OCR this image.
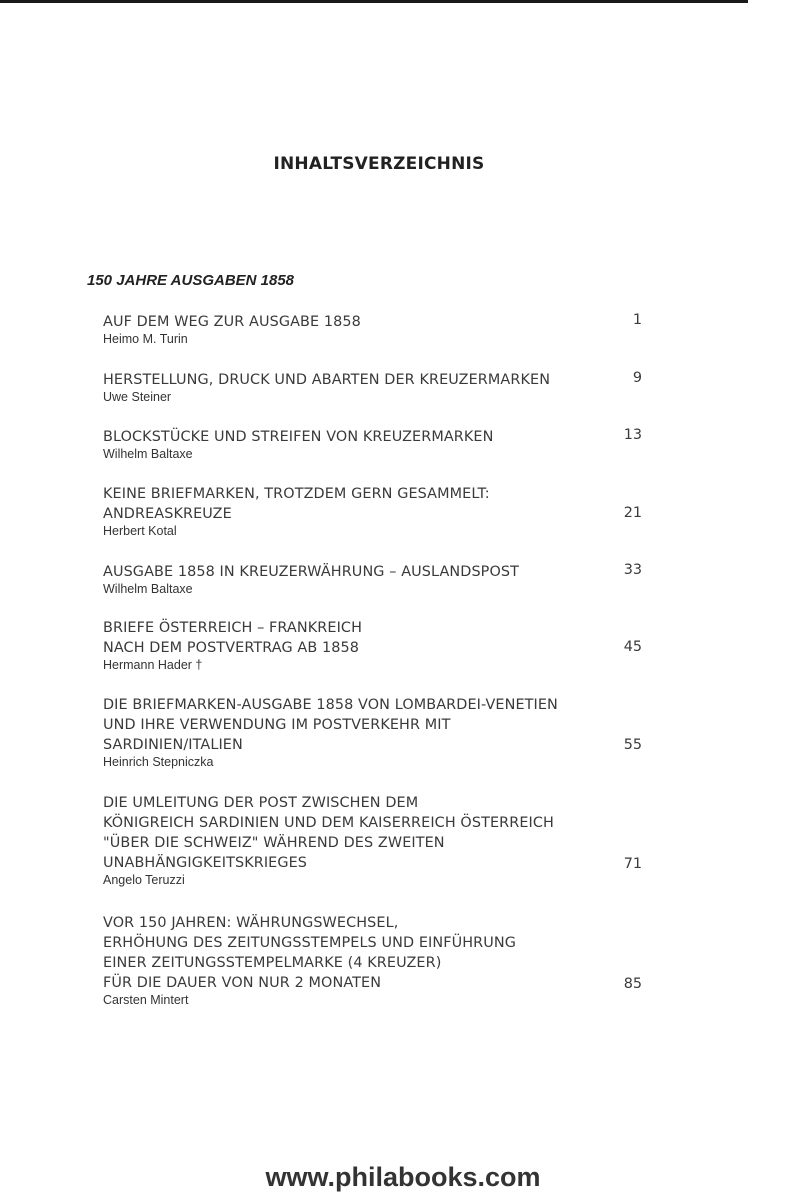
INHALTSVERZEICHNIS
150 JAHRE AUSGABEN 1858
AUF DEM WEG ZUR AUSGABE 1858
Heimo M. Turin
1
HERSTELLUNG, DRUCK UND ABARTEN DER KREUZERMARKEN
Uwe Steiner
9
BLOCKSTÜCKE UND STREIFEN VON KREUZERMARKEN
Wilhelm Baltaxe
13
KEINE BRIEFMARKEN, TROTZDEM GERN GESAMMELT:
ANDREASKREUZE
Herbert Kotal
21
AUSGABE 1858 IN KREUZERWÄHRUNG – AUSLANDSPOST
Wilhelm Baltaxe
33
BRIEFE ÖSTERREICH – FRANKREICH
NACH DEM POSTVERTRAG AB 1858
Hermann Hader †
45
DIE BRIEFMARKEN-AUSGABE 1858 VON LOMBARDEI-VENETIEN
UND IHRE VERWENDUNG IM POSTVERKEHR MIT
SARDINIEN/ITALIEN
Heinrich Stepniczka
55
DIE UMLEITUNG DER POST ZWISCHEN DEM
KÖNIGREICH SARDINIEN UND DEM KAISERREICH ÖSTERREICH
"ÜBER DIE SCHWEIZ" WÄHREND DES ZWEITEN
UNABHÄNGIGKEITSKRIEGES
Angelo Teruzzi
71
VOR 150 JAHREN: WÄHRUNGSWECHSEL,
ERHÖHUNG DES ZEITUNGSSTEMPELS UND EINFÜHRUNG
EINER ZEITUNGSSTEMPELMARKE (4 KREUZER)
FÜR DIE DAUER VON NUR 2 MONATEN
Carsten Mintert
85
www.philabooks.com
